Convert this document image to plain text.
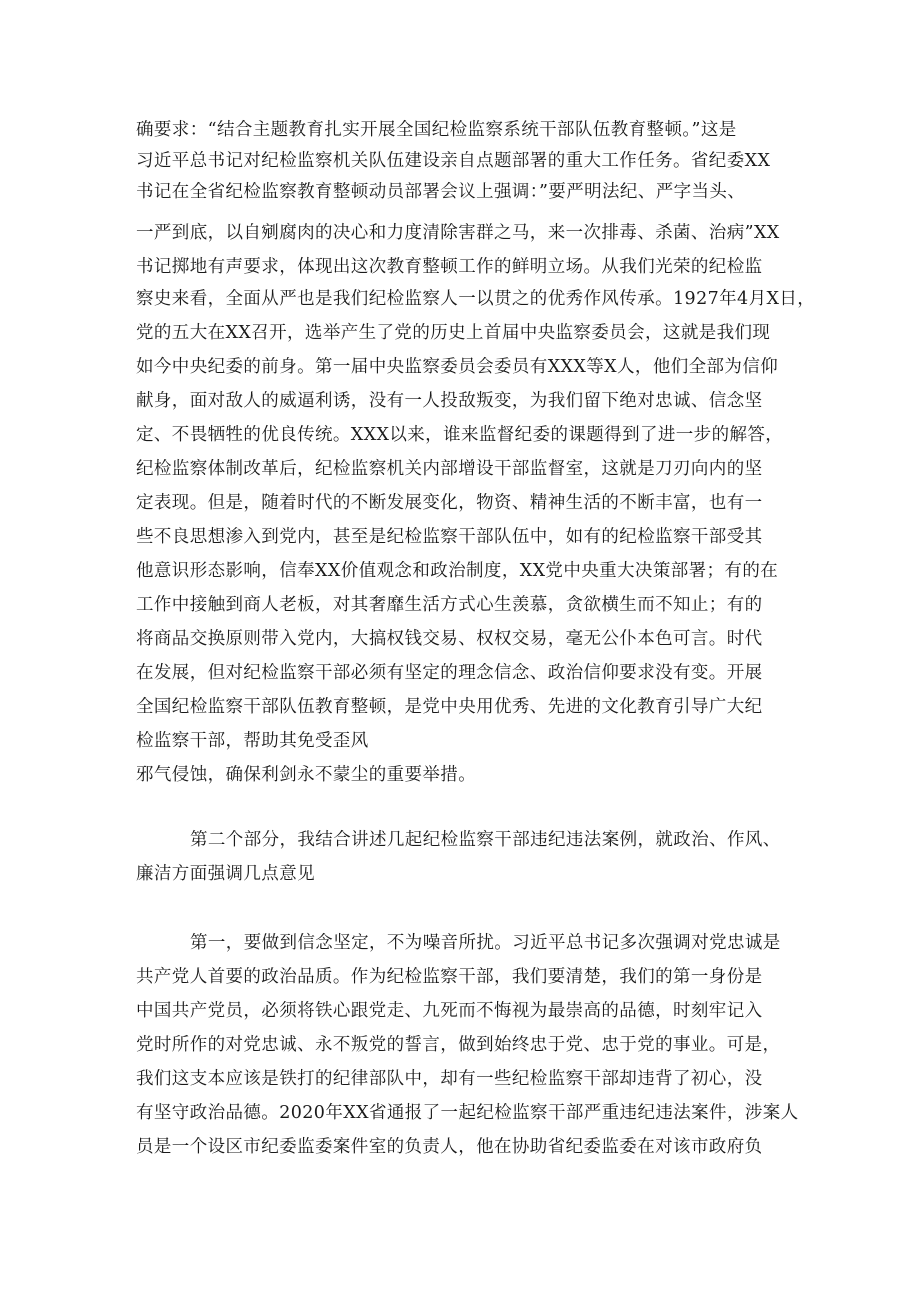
确要求：“结合主题教育扎实开展全国纪检监察系统干部队伍教育整顿。”这是
习近平总书记对纪检监察机关队伍建设亲自点题部署的重大工作任务。省纪委XX
书记在全省纪检监察教育整顿动员部署会议上强调：”要严明法纪、严字当头、
一严到底，以自剜腐肉的决心和力度清除害群之马，来一次排毒、杀菌、治病”XX
书记掷地有声要求，体现出这次教育整顿工作的鲜明立场。从我们光荣的纪检监
察史来看，全面从严也是我们纪检监察人一以贯之的优秀作风传承。1927年4月X日，
党的五大在XX召开，选举产生了党的历史上首届中央监察委员会，这就是我们现
如今中央纪委的前身。第一届中央监察委员会委员有XXX等X人，他们全部为信仰
献身，面对敌人的威逼利诱，没有一人投敌叛变，为我们留下绝对忠诚、信念坚
定、不畏牺牲的优良传统。XXX以来，谁来监督纪委的课题得到了进一步的解答，
纪检监察体制改革后，纪检监察机关内部增设干部监督室，这就是刀刃向内的坚
定表现。但是，随着时代的不断发展变化，物资、精神生活的不断丰富，也有一
些不良思想渗入到党内，甚至是纪检监察干部队伍中，如有的纪检监察干部受其
他意识形态影响，信奉XX价值观念和政治制度，XX党中央重大决策部署；有的在
工作中接触到商人老板，对其奢靡生活方式心生羡慕，贪欲横生而不知止；有的
将商品交换原则带入党内，大搞权钱交易、权权交易，毫无公仆本色可言。时代
在发展，但对纪检监察干部必须有坚定的理念信念、政治信仰要求没有变。开展
全国纪检监察干部队伍教育整顿，是党中央用优秀、先进的文化教育引导广大纪
检监察干部，帮助其免受歪风
邪气侵蚀，确保利剑永不蒙尘的重要举措。
第二个部分，我结合讲述几起纪检监察干部违纪违法案例，就政治、作风、
廉洁方面强调几点意见
第一，要做到信念坚定，不为噪音所扰。习近平总书记多次强调对党忠诚是
共产党人首要的政治品质。作为纪检监察干部，我们要清楚，我们的第一身份是
中国共产党员，必须将铁心跟党走、九死而不悔视为最崇高的品德，时刻牢记入
党时所作的对党忠诚、永不叛党的誓言，做到始终忠于党、忠于党的事业。可是，
我们这支本应该是铁打的纪律部队中，却有一些纪检监察干部却违背了初心，没
有坚守政治品德。2020年XX省通报了一起纪检监察干部严重违纪违法案件，涉案人
员是一个设区市纪委监委案件室的负责人，他在协助省纪委监委在对该市政府负
